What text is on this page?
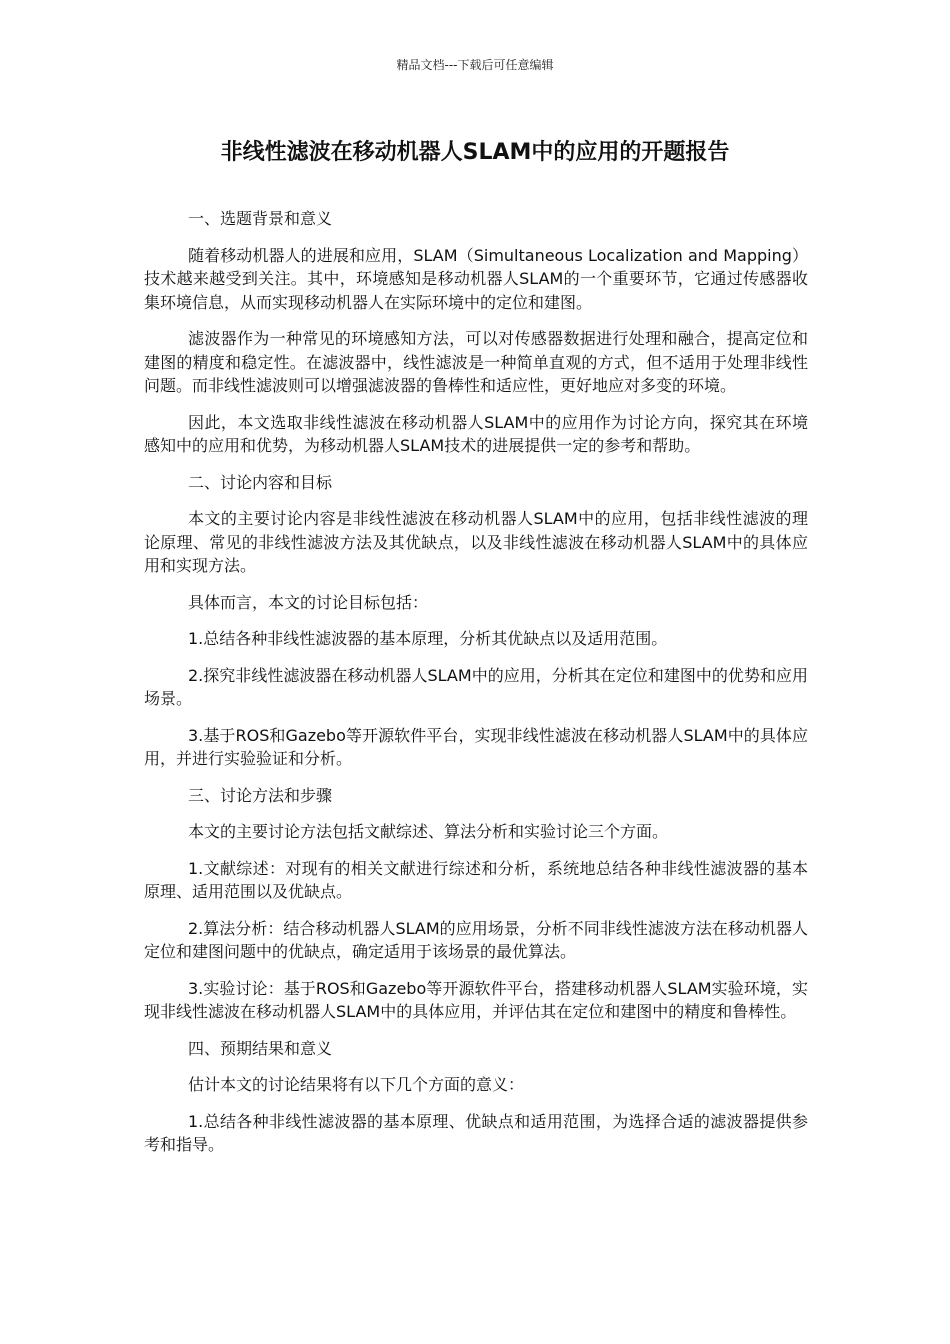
精品文档---下载后可任意编辑
非线性滤波在移动机器人SLAM中的应用的开题报告

一、选题背景和意义

随着移动机器人的进展和应用，SLAM（Simultaneous Localization and Mapping）技术越来越受到关注。其中，环境感知是移动机器人SLAM的一个重要环节，它通过传感器收集环境信息，从而实现移动机器人在实际环境中的定位和建图。

滤波器作为一种常见的环境感知方法，可以对传感器数据进行处理和融合，提高定位和建图的精度和稳定性。在滤波器中，线性滤波是一种简单直观的方式，但不适用于处理非线性问题。而非线性滤波则可以增强滤波器的鲁棒性和适应性，更好地应对多变的环境。

因此，本文选取非线性滤波在移动机器人SLAM中的应用作为讨论方向，探究其在环境感知中的应用和优势，为移动机器人SLAM技术的进展提供一定的参考和帮助。

二、讨论内容和目标

本文的主要讨论内容是非线性滤波在移动机器人SLAM中的应用，包括非线性滤波的理论原理、常见的非线性滤波方法及其优缺点，以及非线性滤波在移动机器人SLAM中的具体应用和实现方法。

具体而言，本文的讨论目标包括：

1.总结各种非线性滤波器的基本原理，分析其优缺点以及适用范围。

2.探究非线性滤波器在移动机器人SLAM中的应用，分析其在定位和建图中的优势和应用场景。

3.基于ROS和Gazebo等开源软件平台，实现非线性滤波在移动机器人SLAM中的具体应用，并进行实验验证和分析。

三、讨论方法和步骤

本文的主要讨论方法包括文献综述、算法分析和实验讨论三个方面。

1.文献综述：对现有的相关文献进行综述和分析，系统地总结各种非线性滤波器的基本原理、适用范围以及优缺点。

2.算法分析：结合移动机器人SLAM的应用场景，分析不同非线性滤波方法在移动机器人定位和建图问题中的优缺点，确定适用于该场景的最优算法。

3.实验讨论：基于ROS和Gazebo等开源软件平台，搭建移动机器人SLAM实验环境，实现非线性滤波在移动机器人SLAM中的具体应用，并评估其在定位和建图中的精度和鲁棒性。

四、预期结果和意义

估计本文的讨论结果将有以下几个方面的意义：

1.总结各种非线性滤波器的基本原理、优缺点和适用范围，为选择合适的滤波器提供参考和指导。
